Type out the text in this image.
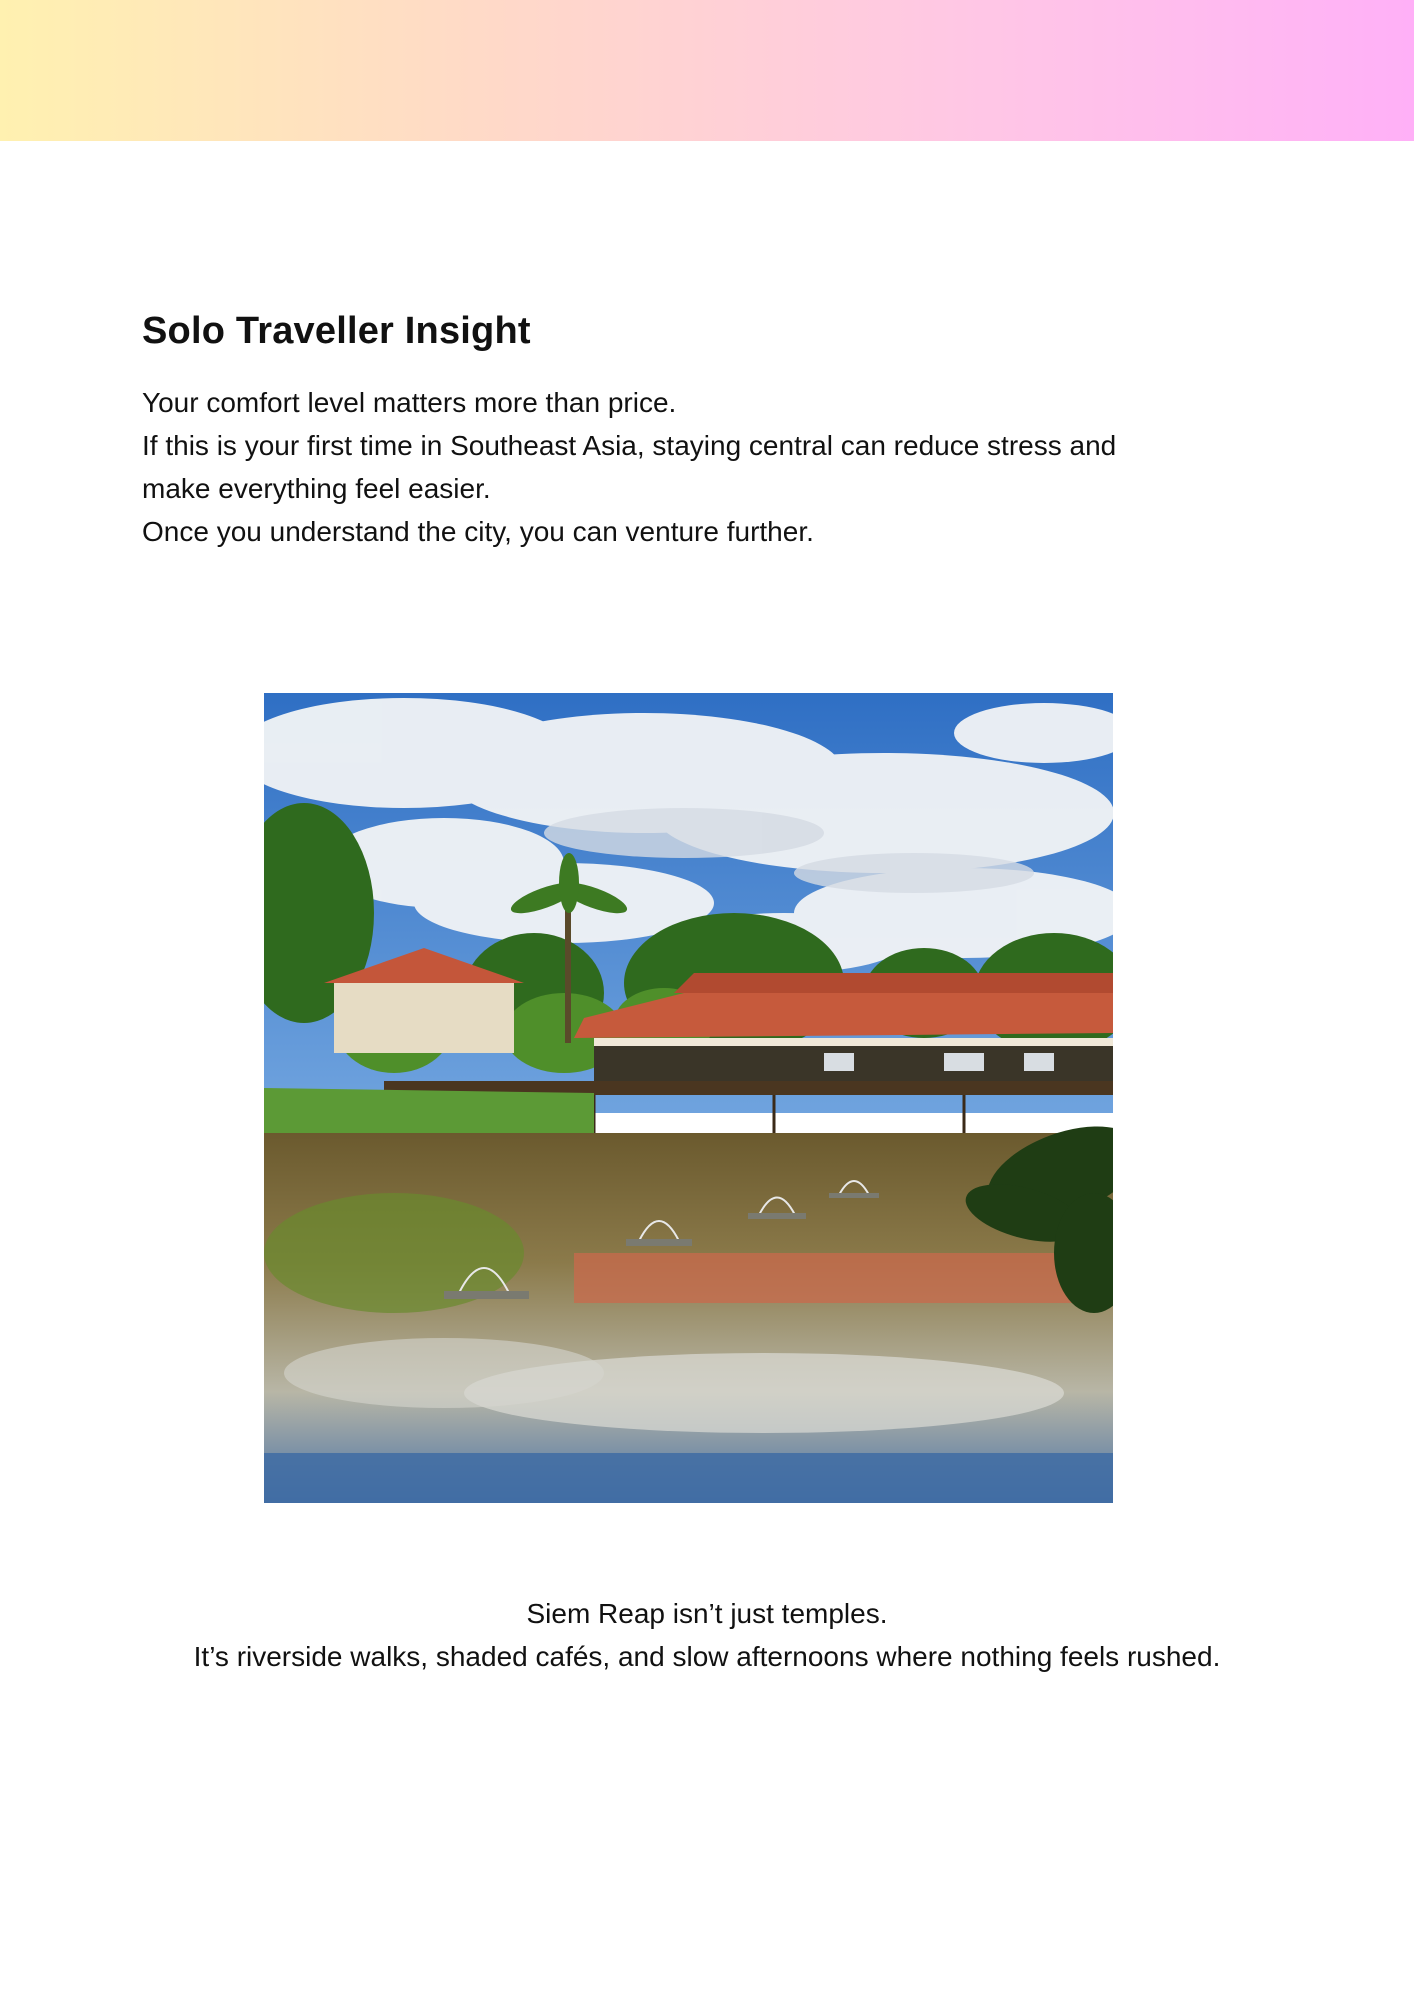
Solo Traveller Insight

Your comfort level matters more than price.
If this is your first time in Southeast Asia, staying central can reduce stress and
make everything feel easier.
Once you understand the city, you can venture further.

Siem Reap isn’t just temples.
It’s riverside walks, shaded cafés, and slow afternoons where nothing feels rushed.
